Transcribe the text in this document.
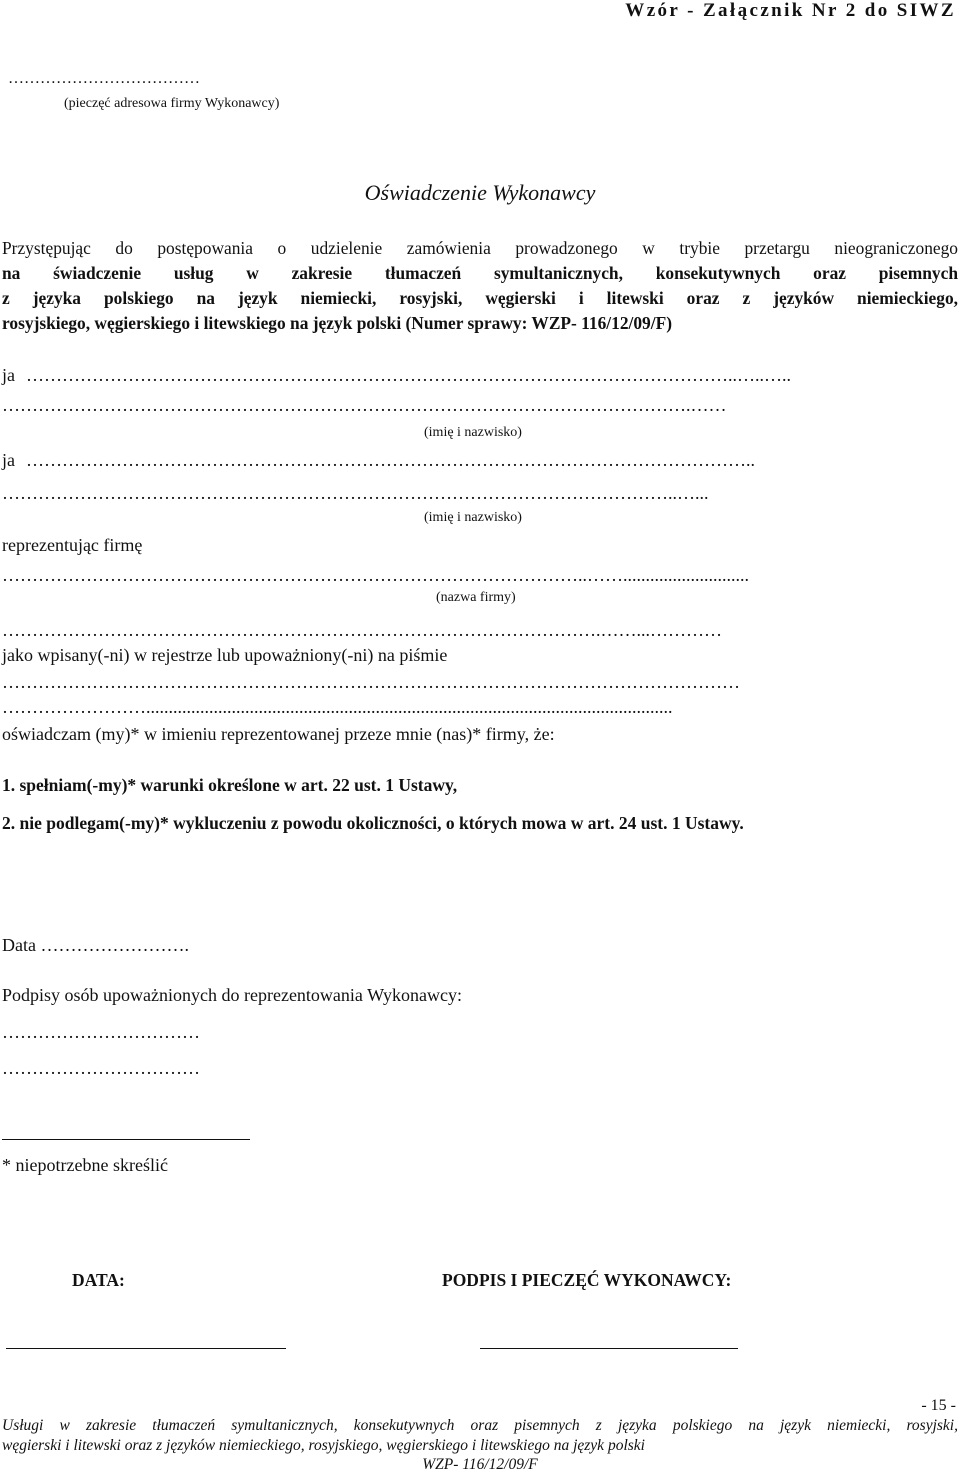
Wzór - Załącznik Nr 2 do SIWZ
………………………………
(pieczęć adresowa firmy Wykonawcy)
Oświadczenie Wykonawcy

Przystępując do postępowania o udzielenie zamówienia prowadzonego w trybie przetargu nieograniczonego

na świadczenie usług w zakresie tłumaczeń symultanicznych, konsekutywnych oraz pisemnych

z języka polskiego na język niemiecki, rosyjski, węgierski i litewski oraz z języków niemieckiego,

rosyjskiego, węgierskiego i litewskiego na język polski (Numer sprawy: WZP- 116/12/09/F)

ja ………………………………………………………………………………………………………..…..…..
…………………………………………………………………………………………………….……
(imię i nazwisko)
ja …………………………………………………………………………………………………………..
…………………………………………………………………………………………………..…...
(imię i nazwisko)
reprezentując firmę
……………………………………………………………………………………..……............................
(nazwa firmy)
……………………………………………………………………………………….……...…………
jako wpisany(-ni) w rejestrze lub upoważniony(-ni) na piśmie
……………………………………………………………………………………………………………
…………………….....................................................................................................................
oświadczam (my)* w imieniu reprezentowanej przeze mnie (nas)* firmy, że:
1. spełniam(-my)* warunki określone w art. 22 ust. 1 Ustawy,
2. nie podlegam(-my)* wykluczeniu z powodu okoliczności, o których mowa w art. 24 ust. 1 Ustawy.
Data …………………….
Podpisy osób upoważnionych do reprezentowania Wykonawcy:
……………………………
……………………………
* niepotrzebne skreślić
DATA:	PODPIS I PIECZĘĆ WYKONAWCY:
- 15 -
Usługi w zakresie tłumaczeń symultanicznych, konsekutywnych oraz pisemnych z języka polskiego na język niemiecki, rosyjski,
węgierski i litewski oraz z języków niemieckiego, rosyjskiego, węgierskiego i litewskiego na język polski
WZP- 116/12/09/F
